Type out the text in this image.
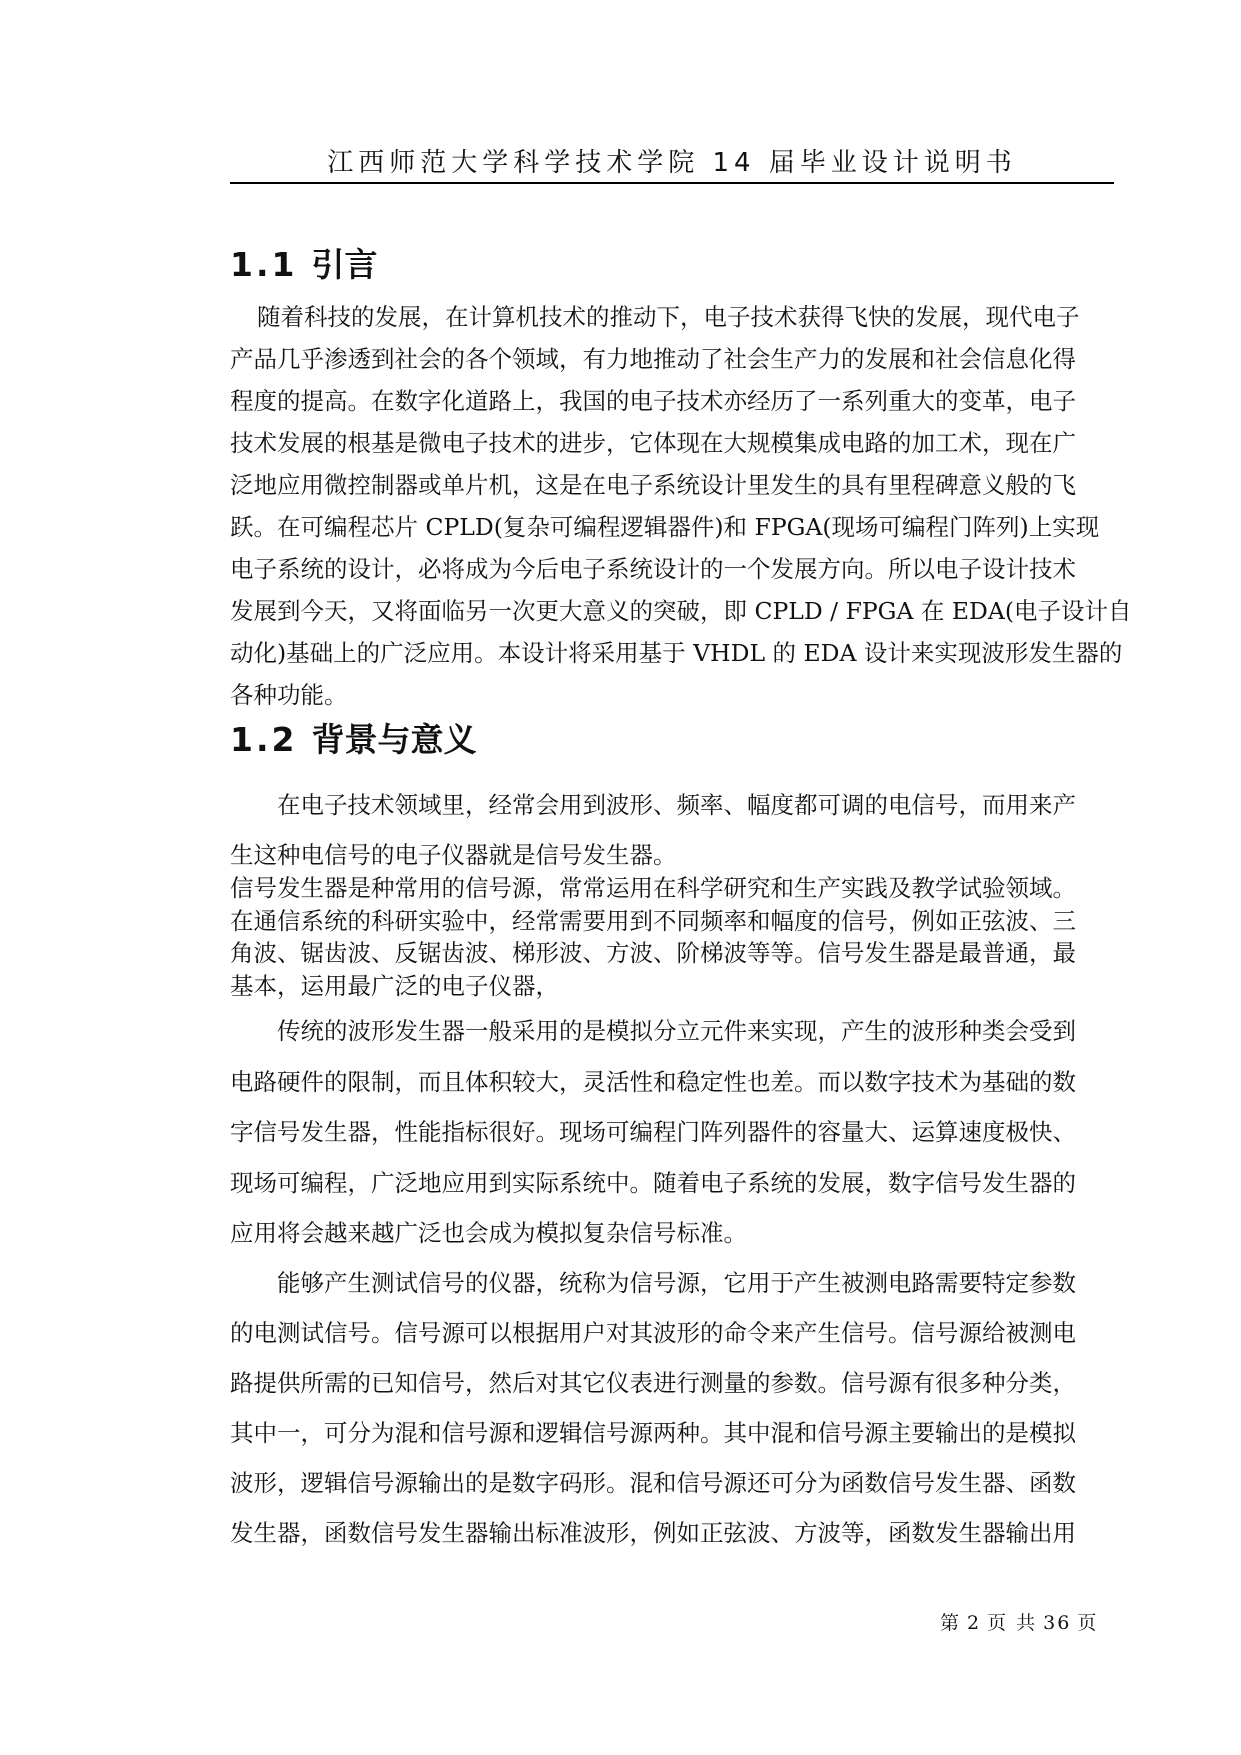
江西师范大学科学技术学院 14 届毕业设计说明书
1.1 引言
随着科技的发展，在计算机技术的推动下，电子技术获得飞快的发展，现代电子
产品几乎渗透到社会的各个领域，有力地推动了社会生产力的发展和社会信息化得
程度的提高。在数字化道路上，我国的电子技术亦经历了一系列重大的变革，电子
技术发展的根基是微电子技术的进步，它体现在大规模集成电路的加工术，现在广
泛地应用微控制器或单片机，这是在电子系统设计里发生的具有里程碑意义般的飞
跃。在可编程芯片 CPLD(复杂可编程逻辑器件)和 FPGA(现场可编程门阵列)上实现
电子系统的设计，必将成为今后电子系统设计的一个发展方向。所以电子设计技术
发展到今天，又将面临另一次更大意义的突破，即 CPLD / FPGA 在 EDA(电子设计自
动化)基础上的广泛应用。本设计将采用基于 VHDL 的 EDA 设计来实现波形发生器的
各种功能。
1.2 背景与意义
在电子技术领域里，经常会用到波形、频率、幅度都可调的电信号，而用来产
生这种电信号的电子仪器就是信号发生器。
信号发生器是种常用的信号源，常常运用在科学研究和生产实践及教学试验领域。
在通信系统的科研实验中，经常需要用到不同频率和幅度的信号，例如正弦波、三
角波、锯齿波、反锯齿波、梯形波、方波、阶梯波等等。信号发生器是最普通，最
基本，运用最广泛的电子仪器，
传统的波形发生器一般采用的是模拟分立元件来实现，产生的波形种类会受到
电路硬件的限制，而且体积较大，灵活性和稳定性也差。而以数字技术为基础的数
字信号发生器，性能指标很好。现场可编程门阵列器件的容量大、运算速度极快、
现场可编程，广泛地应用到实际系统中。随着电子系统的发展，数字信号发生器的
应用将会越来越广泛也会成为模拟复杂信号标准。
能够产生测试信号的仪器，统称为信号源，它用于产生被测电路需要特定参数
的电测试信号。信号源可以根据用户对其波形的命令来产生信号。信号源给被测电
路提供所需的已知信号，然后对其它仪表进行测量的参数。信号源有很多种分类，
其中一，可分为混和信号源和逻辑信号源两种。其中混和信号源主要输出的是模拟
波形，逻辑信号源输出的是数字码形。混和信号源还可分为函数信号发生器、函数
发生器，函数信号发生器输出标准波形，例如正弦波、方波等，函数发生器输出用
第 2 页 共 36 页
